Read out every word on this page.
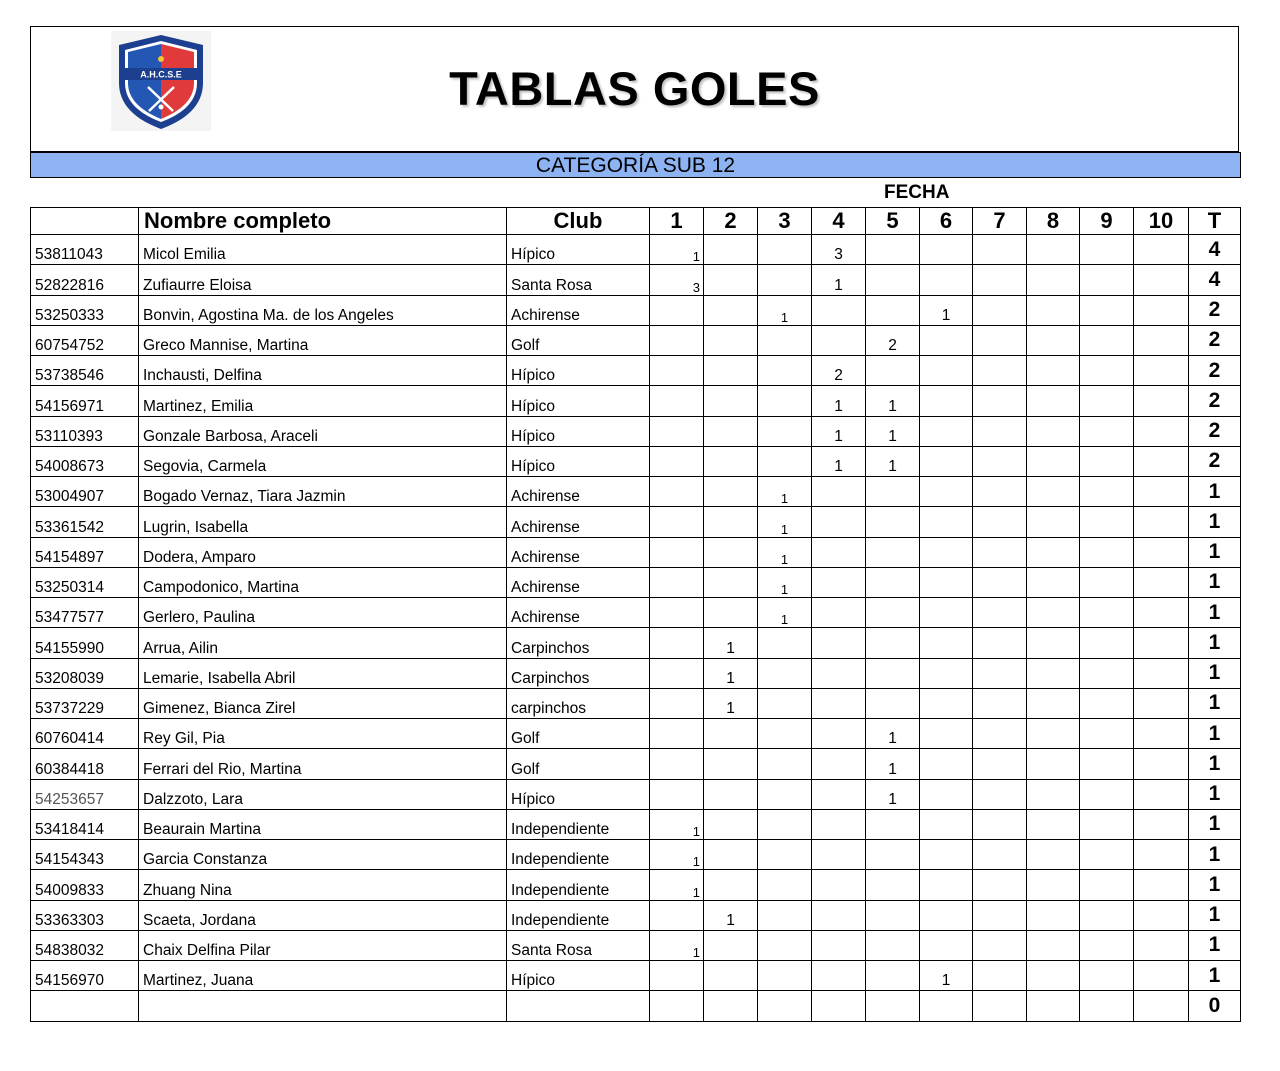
A.H.C.S.E	TABLAS GOLES
CATEGORÍA SUB 12
FECHA
	Nombre completo	Club	1	2	3	4	5	6	7	8	9	10	T
53811043	Micol Emilia	Hípico	1			3							4
52822816	Zufiaurre Eloisa	Santa Rosa	3			1							4
53250333	Bonvin, Agostina Ma. de los Angeles	Achirense			1			1					2
60754752	Greco Mannise, Martina	Golf					2						2
53738546	Inchausti, Delfina	Hípico				2							2
54156971	Martinez, Emilia	Hípico				1	1						2
53110393	Gonzale Barbosa, Araceli	Hípico				1	1						2
54008673	Segovia, Carmela	Hípico				1	1						2
53004907	Bogado Vernaz, Tiara Jazmin	Achirense			1								1
53361542	Lugrin, Isabella	Achirense			1								1
54154897	Dodera, Amparo	Achirense			1								1
53250314	Campodonico, Martina	Achirense			1								1
53477577	Gerlero, Paulina	Achirense			1								1
54155990	Arrua, Ailin	Carpinchos		1									1
53208039	Lemarie, Isabella Abril	Carpinchos		1									1
53737229	Gimenez, Bianca Zirel	carpinchos		1									1
60760414	Rey Gil, Pia	Golf					1						1
60384418	Ferrari del Rio, Martina	Golf					1						1
54253657	Dalzzoto, Lara	Hípico					1						1
53418414	Beaurain Martina	Independiente	1										1
54154343	Garcia Constanza	Independiente	1										1
54009833	Zhuang Nina	Independiente	1										1
53363303	Scaeta, Jordana	Independiente		1									1
54838032	Chaix Delfina Pilar	Santa Rosa	1										1
54156970	Martinez, Juana	Hípico						1					1
													0
